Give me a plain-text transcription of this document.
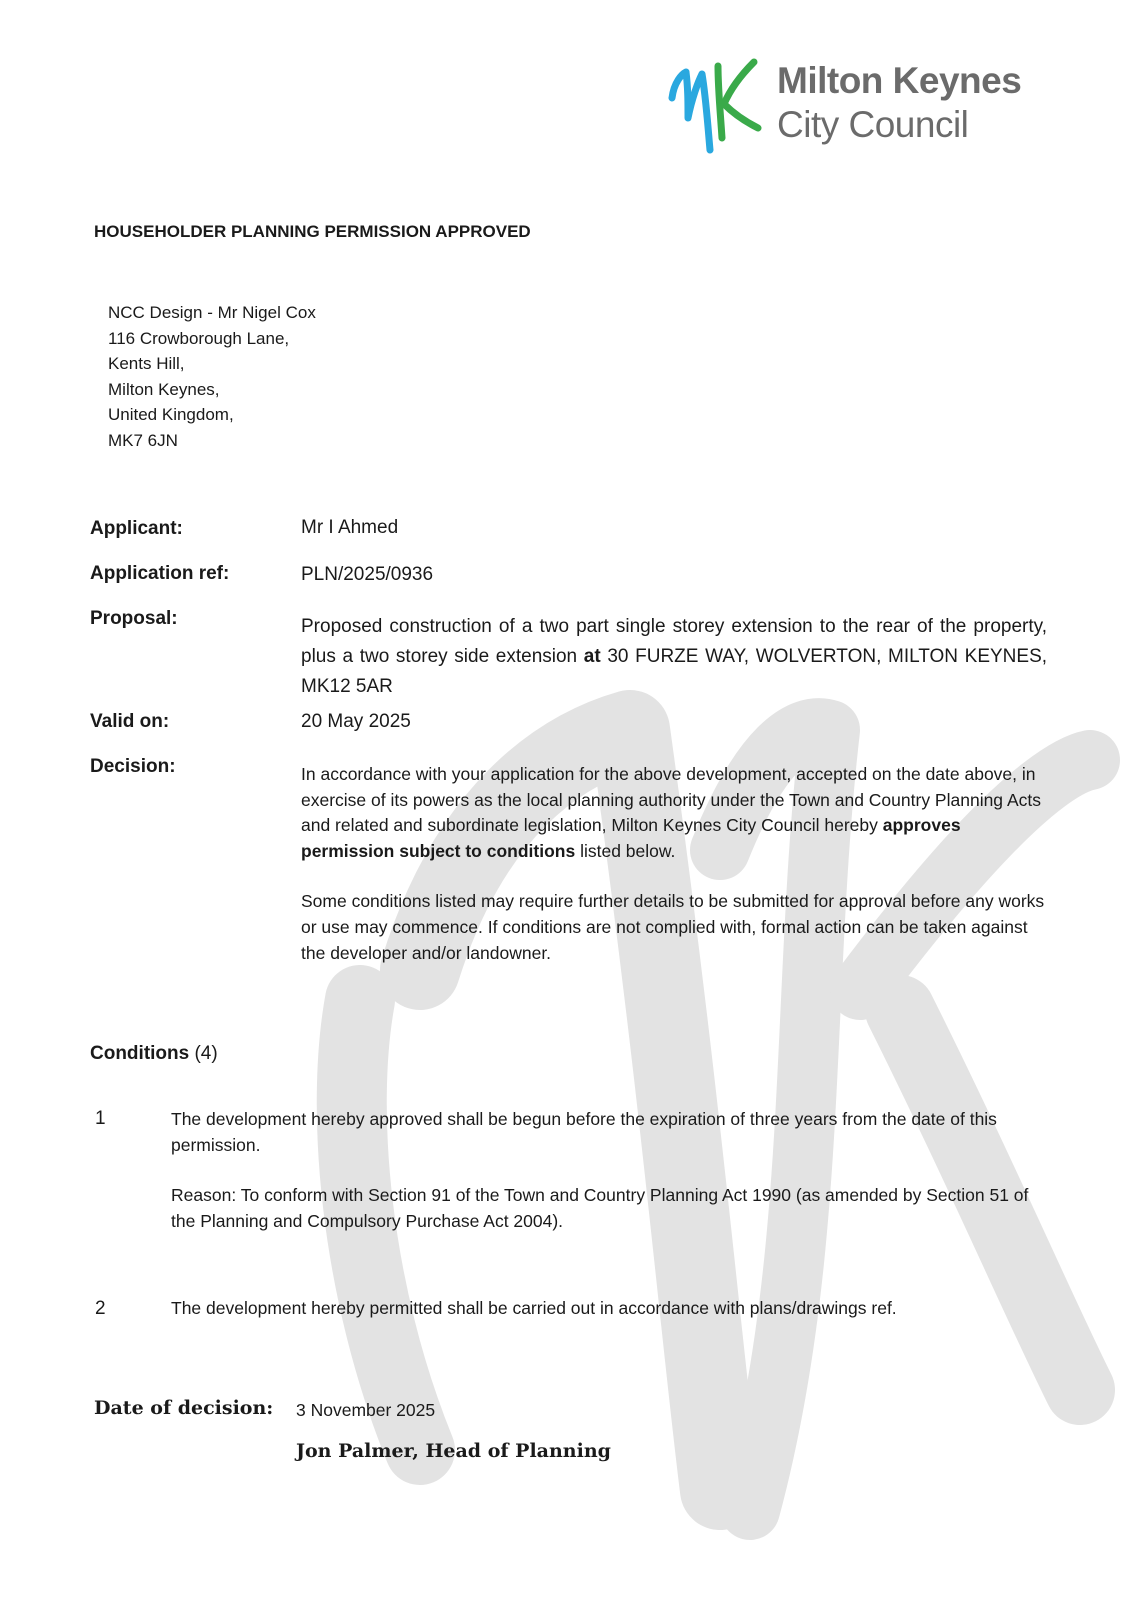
Milton Keynes
City Council
HOUSEHOLDER PLANNING PERMISSION APPROVED
NCC Design - Mr Nigel Cox
116 Crowborough Lane,
Kents Hill,
Milton Keynes,
United Kingdom,
MK7 6JN
Applicant:	Mr I Ahmed
Application ref:	PLN/2025/0936
Proposal:	Proposed construction of a two part single storey extension to the rear of the property, plus a two storey side extension at 30 FURZE WAY, WOLVERTON, MILTON KEYNES, MK12 5AR
Valid on:	20 May 2025
Decision:	In accordance with your application for the above development, accepted on the date above, in exercise of its powers as the local planning authority under the Town and Country Planning Acts and related and subordinate legislation, Milton Keynes City Council hereby approves permission subject to conditions listed below.

Some conditions listed may require further details to be submitted for approval before any works or use may commence. If conditions are not complied with, formal action can be taken against the developer and/or landowner.

Conditions (4)
1	The development hereby approved shall be begun before the expiration of three years from the date of this permission.

Reason: To conform with Section 91 of the Town and Country Planning Act 1990 (as amended by Section 51 of the Planning and Compulsory Purchase Act 2004).

2	The development hereby permitted shall be carried out in accordance with plans/drawings ref.

Date of decision: 3 November 2025
Jon Palmer, Head of Planning
